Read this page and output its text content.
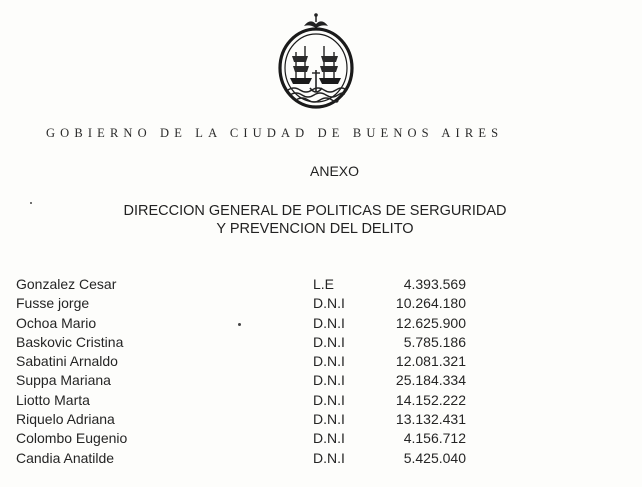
GOBIERNO DE LA CIUDAD DE BUENOS AIRES
ANEXO
DIRECCION GENERAL DE POLITICAS DE SERGURIDAD
Y PREVENCION DEL DELITO
Gonzalez Cesar	L.E	4.393.569
Fusse jorge	D.N.I	10.264.180
Ochoa Mario	D.N.I	12.625.900
Baskovic Cristina	D.N.I	5.785.186
Sabatini Arnaldo	D.N.I	12.081.321
Suppa Mariana	D.N.I	25.184.334
Liotto Marta	D.N.I	14.152.222
Riquelo Adriana	D.N.I	13.132.431
Colombo Eugenio	D.N.I	4.156.712
Candia Anatilde	D.N.I	5.425.040
